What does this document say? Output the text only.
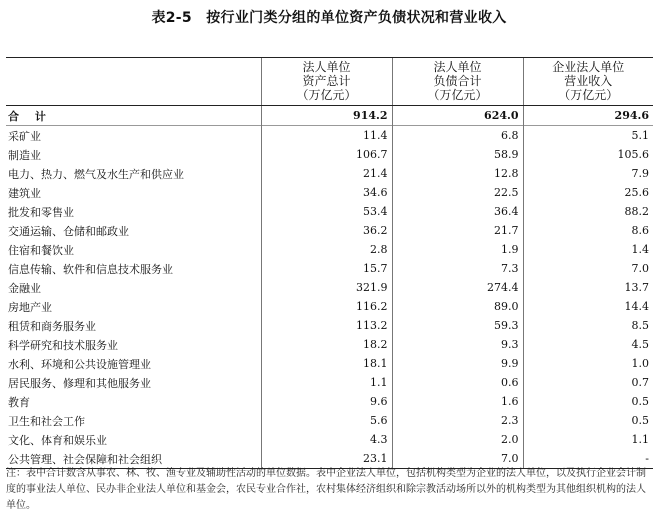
表2-5　按行业门类分组的单位资产负债状况和营业收入
	法人单位
资产总计
（万亿元）	法人单位
负债合计
（万亿元）	企业法人单位
营业收入
（万亿元）
合 计	914.2	624.0	294.6
采矿业	11.4	6.8	5.1
制造业	106.7	58.9	105.6
电力、热力、燃气及水生产和供应业	21.4	12.8	7.9
建筑业	34.6	22.5	25.6
批发和零售业	53.4	36.4	88.2
交通运输、仓储和邮政业	36.2	21.7	8.6
住宿和餐饮业	2.8	1.9	1.4
信息传输、软件和信息技术服务业	15.7	7.3	7.0
金融业	321.9	274.4	13.7
房地产业	116.2	89.0	14.4
租赁和商务服务业	113.2	59.3	8.5
科学研究和技术服务业	18.2	9.3	4.5
水利、环境和公共设施管理业	18.1	9.9	1.0
居民服务、修理和其他服务业	1.1	0.6	0.7
教育	9.6	1.6	0.5
卫生和社会工作	5.6	2.3	0.5
文化、体育和娱乐业	4.3	2.0	1.1
公共管理、社会保障和社会组织	23.1	7.0	-
注：表中合计数含从事农、林、牧、渔专业及辅助性活动的单位数据。表中企业法人单位，包括机构类型为企业的法人单位，以及执行企业会计制度的事业法人单位、民办非企业法人单位和基金会，农民专业合作社，农村集体经济组织和除宗教活动场所以外的机构类型为其他组织机构的法人单位。
